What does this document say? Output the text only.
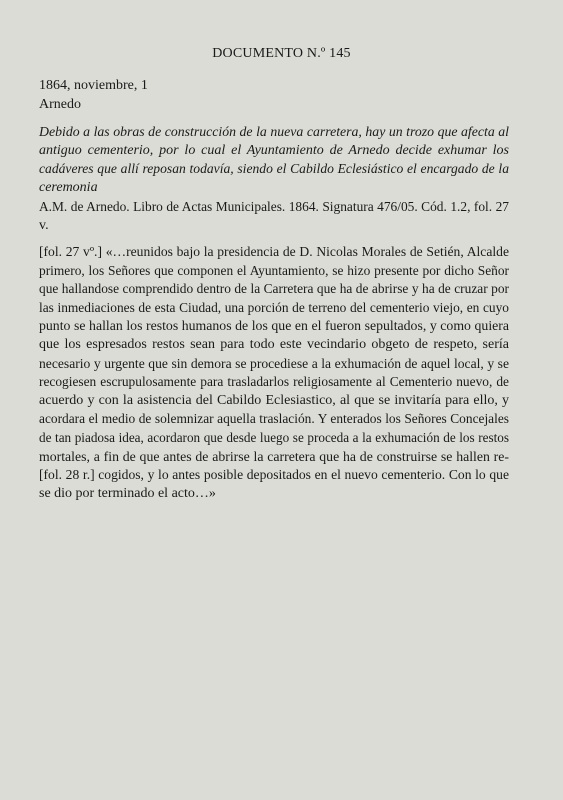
DOCUMENTO N.º 145
1864, noviembre, 1
Arnedo
Debido a las obras de construcción de la nueva carretera, hay un trozo que afecta al
antiguo cementerio, por lo cual el Ayuntamiento de Arnedo decide exhumar los
cadáveres que allí reposan todavía, siendo el Cabildo Eclesiástico el encargado de la
ceremonia
A.M. de Arnedo. Libro de Actas Municipales. 1864. Signatura 476/05. Cód. 1.2, fol. 27
v.
[fol. 27 vº.] «…reunidos bajo la presidencia de D. Nicolas Morales de Setién, Alcalde
primero, los Señores que componen el Ayuntamiento, se hizo presente por dicho Señor
que hallandose comprendido dentro de la Carretera que ha de abrirse y ha de cruzar por
las inmediaciones de esta Ciudad, una porción de terreno del cementerio viejo, en cuyo
punto se hallan los restos humanos de los que en el fueron sepultados, y como quiera
que los espresados restos sean para todo este vecindario obgeto de respeto, sería
necesario y urgente que sin demora se procediese a la exhumación de aquel local, y se
recogiesen escrupulosamente para trasladarlos religiosamente al Cementerio nuevo, de
acuerdo y con la asistencia del Cabildo Eclesiastico, al que se invitaría para ello, y
acordara el medio de solemnizar aquella traslación. Y enterados los Señores Concejales
de tan piadosa idea, acordaron que desde luego se proceda a la exhumación de los restos
mortales, a fin de que antes de abrirse la carretera que ha de construirse se hallen re-
[fol. 28 r.] cogidos, y lo antes posible depositados en el nuevo cementerio. Con lo que
se dio por terminado el acto…»
